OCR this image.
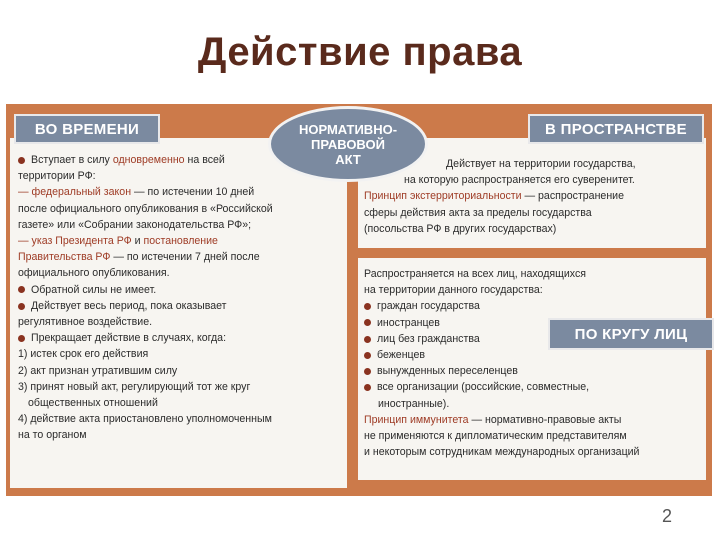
Действие права
ВО ВРЕМЕНИ	В ПРОСТРАНСТВЕ
НОРМАТИВНО-
ПРАВОВОЙ
АКТ

Вступает в силу одновременно на всей

территории РФ:

— федеральный закон — по истечении 10 дней

после официального опубликования в «Российской

газете» или «Собрании законодательства РФ»;

— указ Президента РФ и постановление

Правительства РФ — по истечении 7 дней после

официального опубликования.

Обратной силы не имеет.

Действует весь период, пока оказывает

регулятивное воздействие.

Прекращает действие в случаях, когда:

1) истек срок его действия

2) акт признан утратившим силу

3) принят новый акт, регулирующий тот же круг

общественных отношений

4) действие акта приостановлено уполномоченным

на то органом

Действует на территории государства,

на которую распространяется его суверенитет.

Принцип экстерриториальности — распространение

сферы действия акта за пределы государства

(посольства РФ в других государствах)

Распространяется на всех лиц, находящихся

на территории данного государства:

граждан государства

иностранцев

лиц без гражданства

беженцев

вынужденных переселенцев

все организации (российские, совместные,

иностранные).

Принцип иммунитета — нормативно-правовые акты

не применяются к дипломатическим представителям

и некоторым сотрудникам международных организаций

ПО КРУГУ ЛИЦ
2
